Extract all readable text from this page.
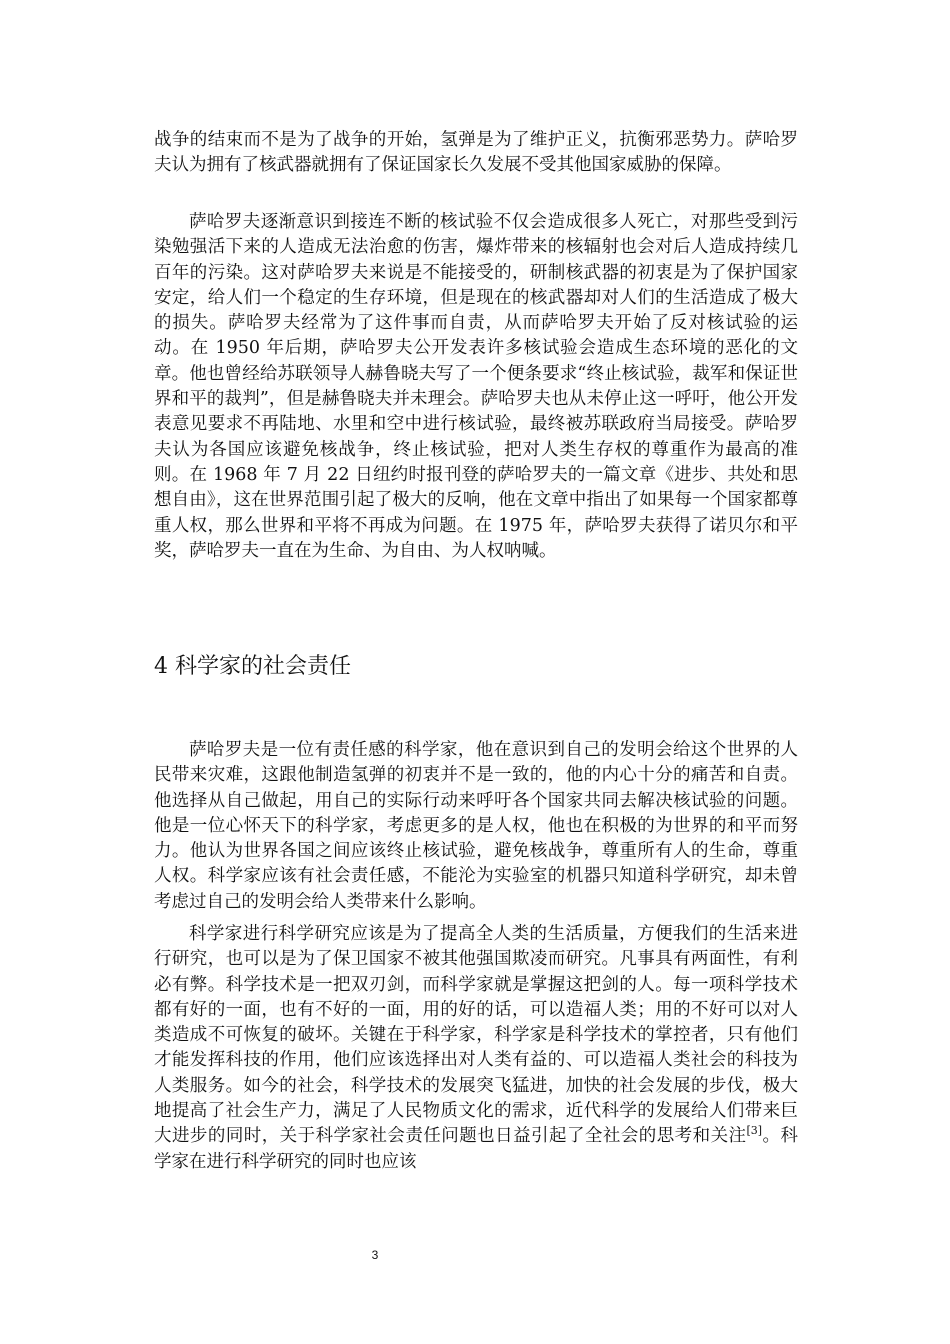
战争的结束而不是为了战争的开始，氢弹是为了维护正义，抗衡邪恶势力。萨哈罗夫认为拥有了核武器就拥有了保证国家长久发展不受其他国家威胁的保障。

萨哈罗夫逐渐意识到接连不断的核试验不仅会造成很多人死亡，对那些受到污染勉强活下来的人造成无法治愈的伤害，爆炸带来的核辐射也会对后人造成持续几百年的污染。这对萨哈罗夫来说是不能接受的，研制核武器的初衷是为了保护国家安定，给人们一个稳定的生存环境，但是现在的核武器却对人们的生活造成了极大的损失。萨哈罗夫经常为了这件事而自责，从而萨哈罗夫开始了反对核试验的运动。在 1950 年后期，萨哈罗夫公开发表许多核试验会造成生态环境的恶化的文章。他也曾经给苏联领导人赫鲁晓夫写了一个便条要求“终止核试验，裁军和保证世界和平的裁判”，但是赫鲁晓夫并未理会。萨哈罗夫也从未停止这一呼吁，他公开发表意见要求不再陆地、水里和空中进行核试验，最终被苏联政府当局接受。萨哈罗夫认为各国应该避免核战争，终止核试验，把对人类生存权的尊重作为最高的准则。在 1968 年 7 月 22 日纽约时报刊登的萨哈罗夫的一篇文章《进步、共处和思想自由》，这在世界范围引起了极大的反响，他在文章中指出了如果每一个国家都尊重人权，那么世界和平将不再成为问题。在 1975 年，萨哈罗夫获得了诺贝尔和平奖，萨哈罗夫一直在为生命、为自由、为人权呐喊。

4 科学家的社会责任

萨哈罗夫是一位有责任感的科学家，他在意识到自己的发明会给这个世界的人民带来灾难，这跟他制造氢弹的初衷并不是一致的，他的内心十分的痛苦和自责。他选择从自己做起，用自己的实际行动来呼吁各个国家共同去解决核试验的问题。他是一位心怀天下的科学家，考虑更多的是人权，他也在积极的为世界的和平而努力。他认为世界各国之间应该终止核试验，避免核战争，尊重所有人的生命，尊重人权。科学家应该有社会责任感，不能沦为实验室的机器只知道科学研究，却未曾考虑过自己的发明会给人类带来什么影响。

科学家进行科学研究应该是为了提高全人类的生活质量，方便我们的生活来进行研究，也可以是为了保卫国家不被其他强国欺凌而研究。凡事具有两面性，有利必有弊。科学技术是一把双刃剑，而科学家就是掌握这把剑的人。每一项科学技术都有好的一面，也有不好的一面，用的好的话，可以造福人类；用的不好可以对人类造成不可恢复的破坏。关键在于科学家，科学家是科学技术的掌控者，只有他们才能发挥科技的作用，他们应该选择出对人类有益的、可以造福人类社会的科技为人类服务。如今的社会，科学技术的发展突飞猛进，加快的社会发展的步伐，极大地提高了社会生产力，满足了人民物质文化的需求，近代科学的发展给人们带来巨大进步的同时，关于科学家社会责任问题也日益引起了全社会的思考和关注[3]。科学家在进行科学研究的同时也应该

3
